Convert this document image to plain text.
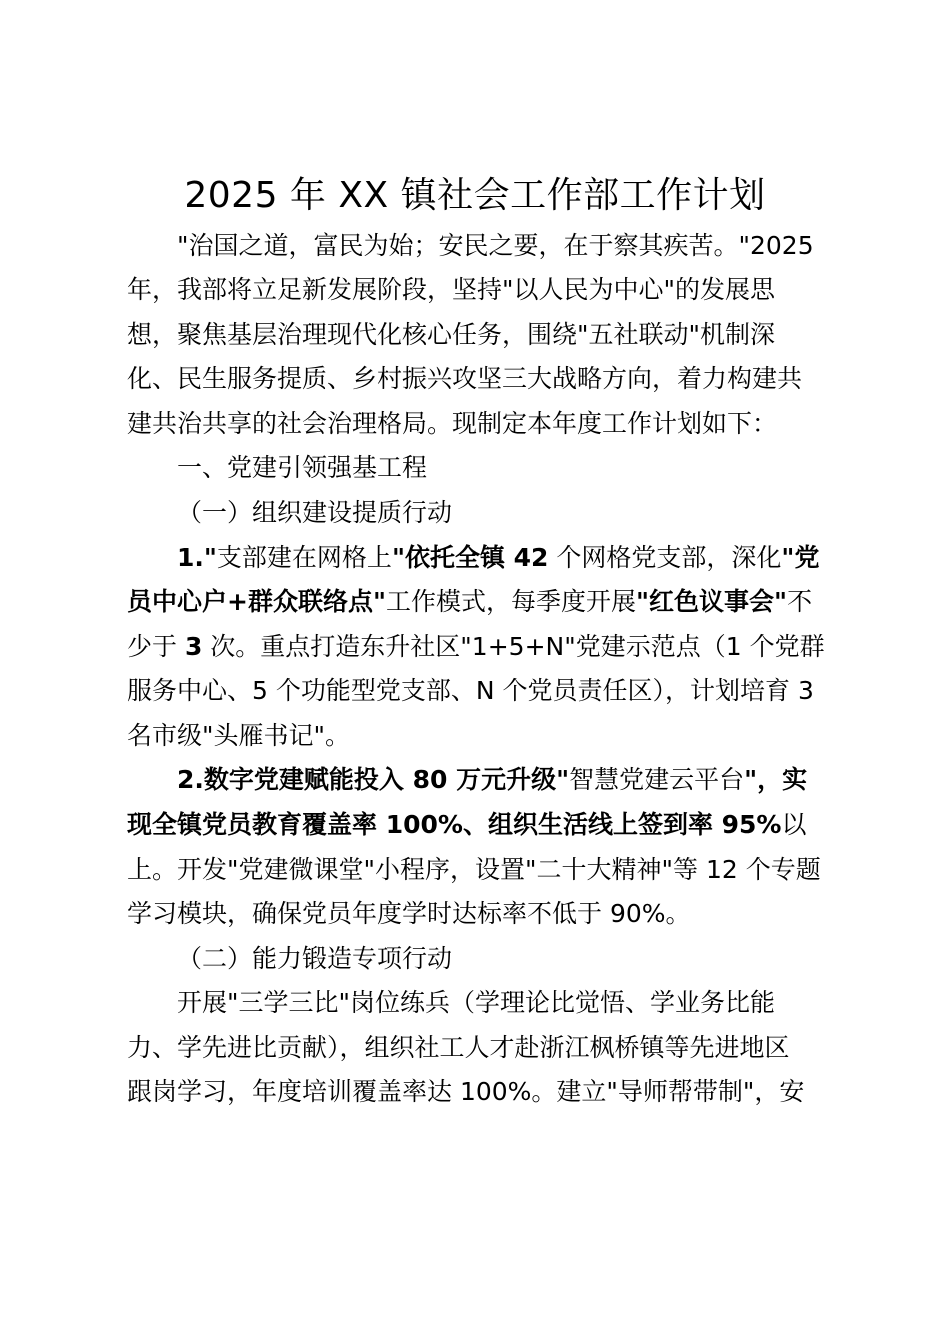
2025 年 XX 镇社会工作部工作计划
"治国之道，富民为始；安民之要，在于察其疾苦。"2025
年，我部将立足新发展阶段，坚持"以人民为中心"的发展思
想，聚焦基层治理现代化核心任务，围绕"五社联动"机制深
化、民生服务提质、乡村振兴攻坚三大战略方向，着力构建共
建共治共享的社会治理格局。现制定本年度工作计划如下：
一、党建引领强基工程
（一）组织建设提质行动
1."支部建在网格上"依托全镇 42 个网格党支部，深化"党
员中心户+群众联络点"工作模式，每季度开展"红色议事会"不
少于 3 次。重点打造东升社区"1+5+N"党建示范点（1 个党群
服务中心、5 个功能型党支部、N 个党员责任区），计划培育 3
名市级"头雁书记"。
2.数字党建赋能投入 80 万元升级"智慧党建云平台"，实
现全镇党员教育覆盖率 100%、组织生活线上签到率 95%以
上。开发"党建微课堂"小程序，设置"二十大精神"等 12 个专题
学习模块，确保党员年度学时达标率不低于 90%。
（二）能力锻造专项行动
开展"三学三比"岗位练兵（学理论比觉悟、学业务比能
力、学先进比贡献），组织社工人才赴浙江枫桥镇等先进地区
跟岗学习，年度培训覆盖率达 100%。建立"导师帮带制"，安
